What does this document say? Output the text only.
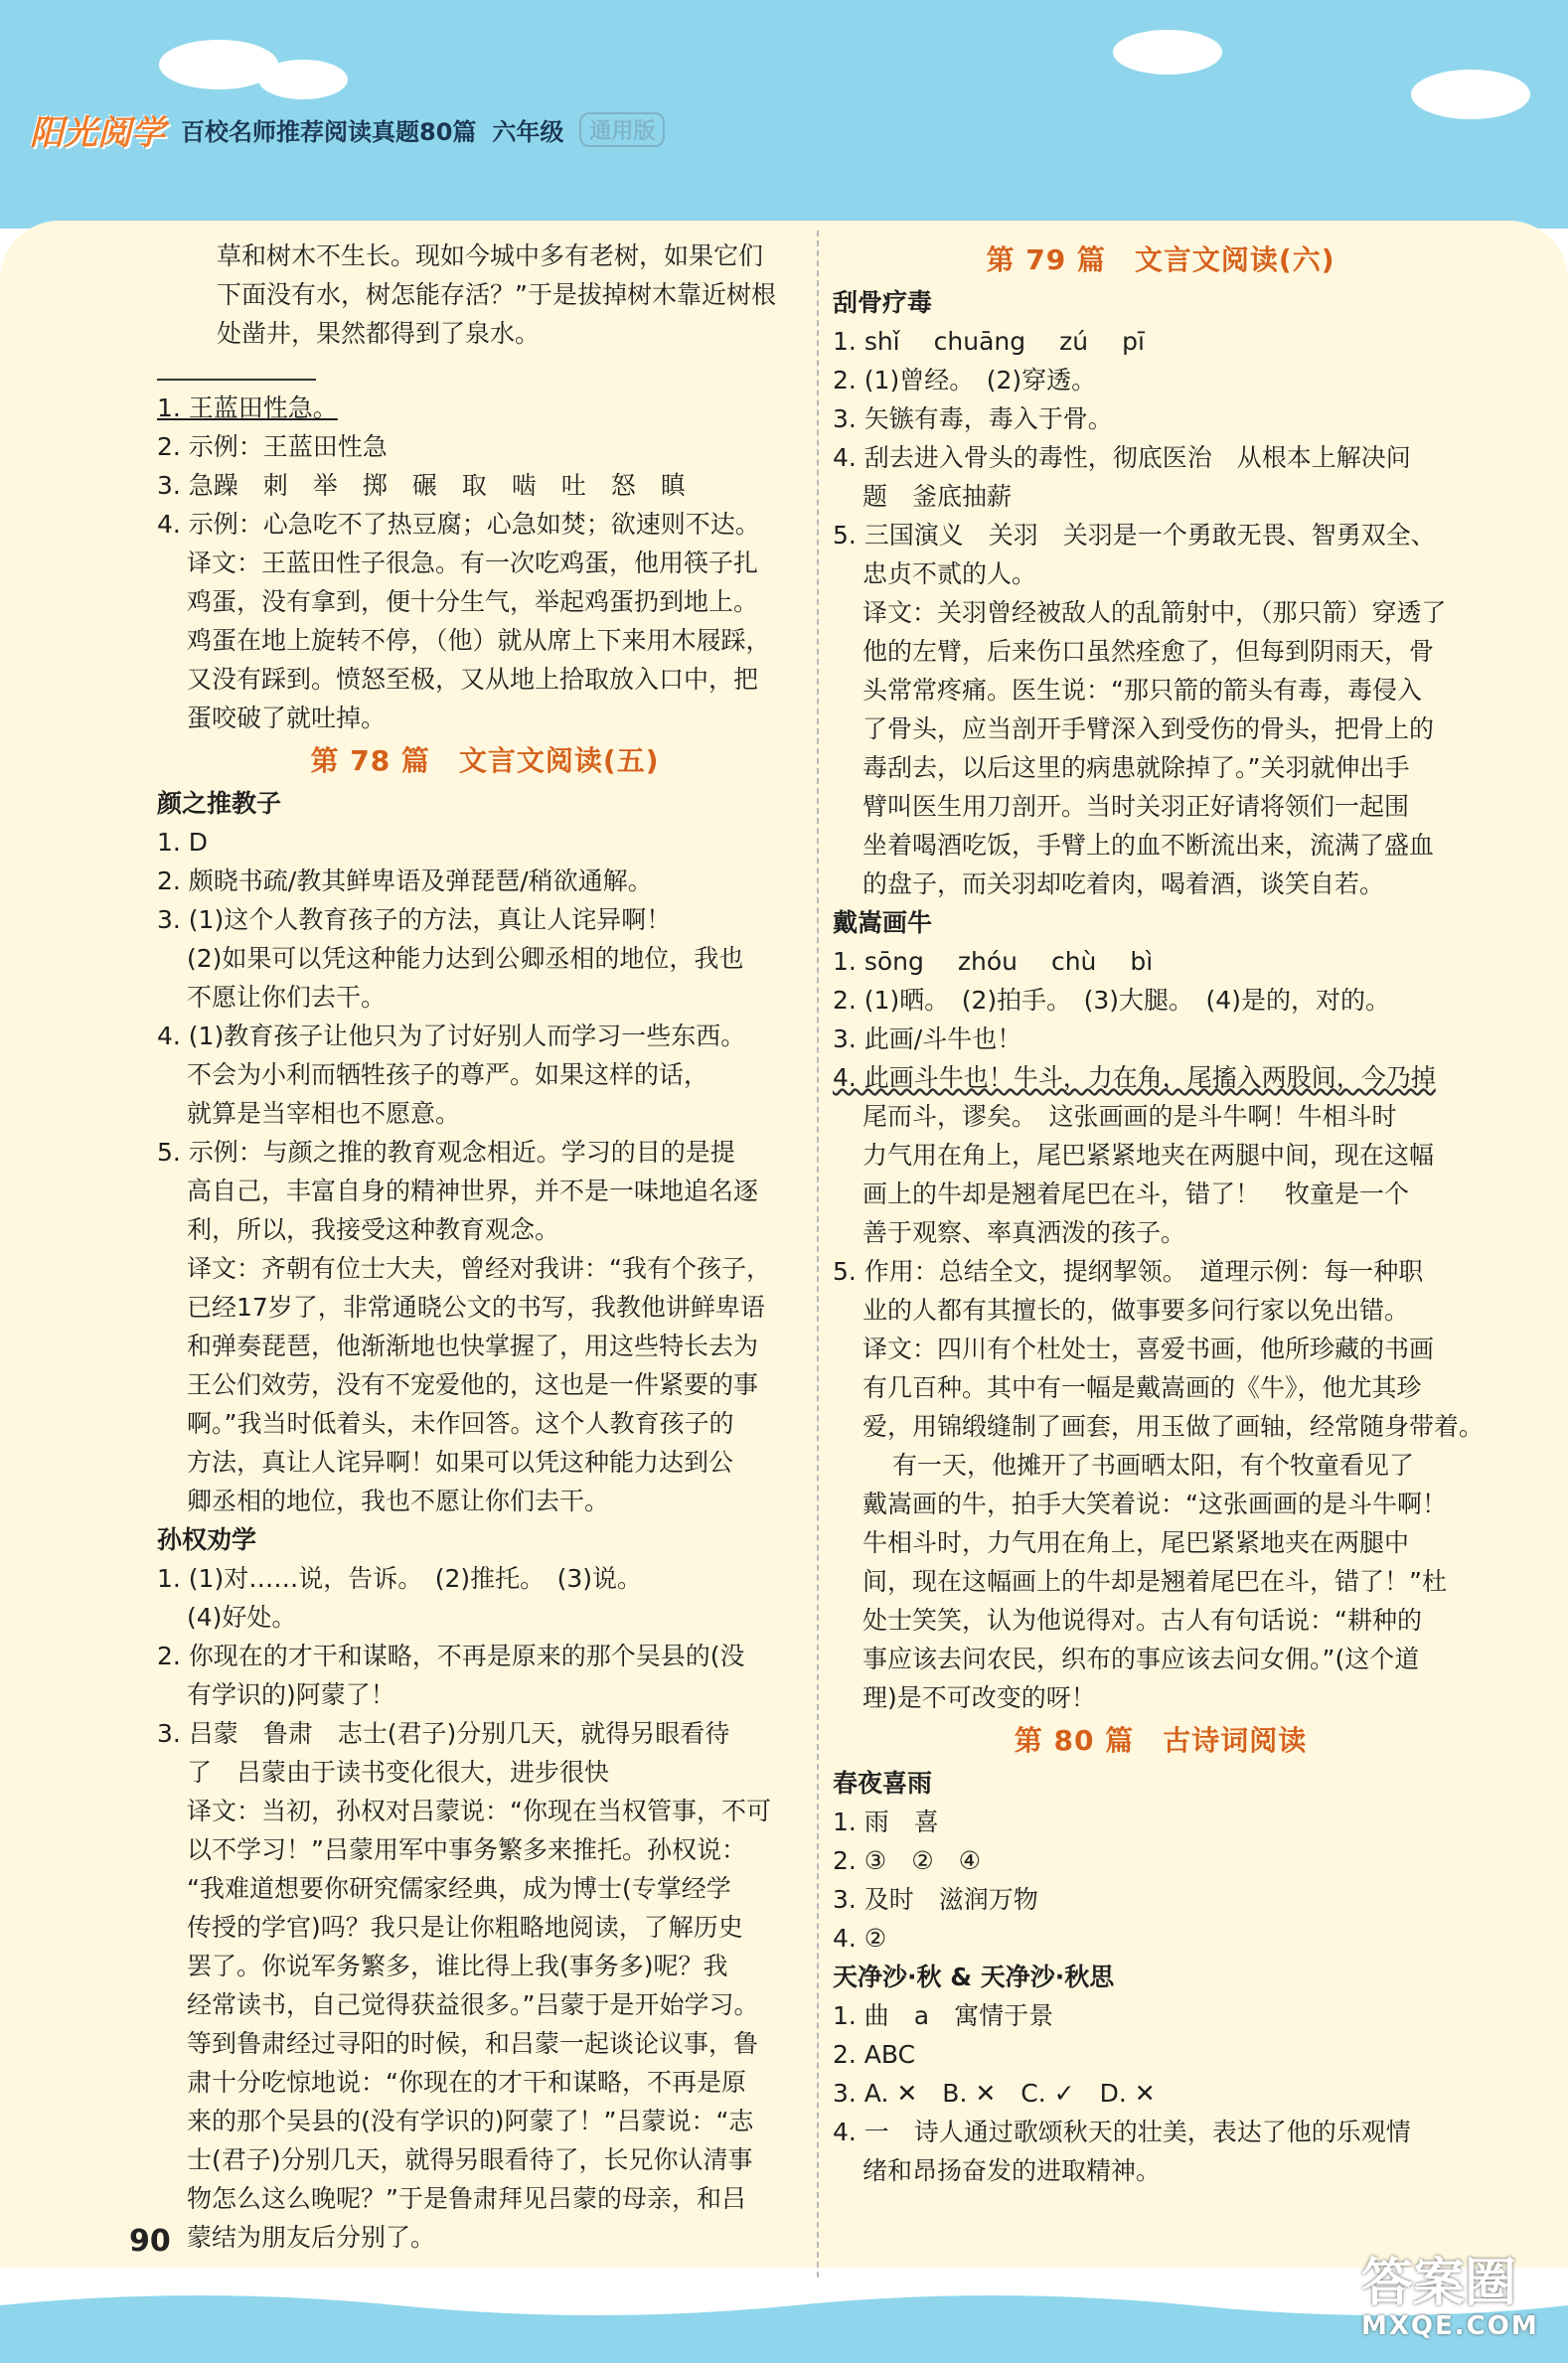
阳光阅学 百校名师推荐阅读真题80篇 六年级	通用版
草和树木不生长。现如今城中多有老树，如果它们
下面没有水，树怎能存活？”于是拔掉树木靠近树根
处凿井，果然都得到了泉水。
1. 王蓝田性急。
2. 示例：王蓝田性急
3. 急躁　刺　举　掷　碾　取　啮　吐　怒　瞋
4. 示例：心急吃不了热豆腐；心急如焚；欲速则不达。
译文：王蓝田性子很急。有一次吃鸡蛋，他用筷子扎
鸡蛋，没有拿到，便十分生气，举起鸡蛋扔到地上。
鸡蛋在地上旋转不停，（他）就从席上下来用木屐踩，
又没有踩到。愤怒至极，又从地上拾取放入口中，把
蛋咬破了就吐掉。
第 78 篇　文言文阅读(五)
颜之推教子
1. D
2. 颇晓书疏/教其鲜卑语及弹琵琶/稍欲通解。
3. (1)这个人教育孩子的方法，真让人诧异啊！
(2)如果可以凭这种能力达到公卿丞相的地位，我也
不愿让你们去干。
4. (1)教育孩子让他只为了讨好别人而学习一些东西。
不会为小利而牺牲孩子的尊严。如果这样的话，
就算是当宰相也不愿意。
5. 示例：与颜之推的教育观念相近。学习的目的是提
高自己，丰富自身的精神世界，并不是一味地追名逐
利，所以，我接受这种教育观念。
译文：齐朝有位士大夫，曾经对我讲：“我有个孩子，
已经17岁了，非常通晓公文的书写，我教他讲鲜卑语
和弹奏琵琶，他渐渐地也快掌握了，用这些特长去为
王公们效劳，没有不宠爱他的，这也是一件紧要的事
啊。”我当时低着头，未作回答。这个人教育孩子的
方法，真让人诧异啊！如果可以凭这种能力达到公
卿丞相的地位，我也不愿让你们去干。
孙权劝学
1. (1)对……说，告诉。　(2)推托。　(3)说。
(4)好处。
2. 你现在的才干和谋略，不再是原来的那个吴县的(没
有学识的)阿蒙了！
3. 吕蒙　鲁肃　志士(君子)分别几天，就得另眼看待
了　吕蒙由于读书变化很大，进步很快
译文：当初，孙权对吕蒙说：“你现在当权管事，不可
以不学习！”吕蒙用军中事务繁多来推托。孙权说：
“我难道想要你研究儒家经典，成为博士(专掌经学
传授的学官)吗？我只是让你粗略地阅读，了解历史
罢了。你说军务繁多，谁比得上我(事务多)呢？我
经常读书，自己觉得获益很多。”吕蒙于是开始学习。
等到鲁肃经过寻阳的时候，和吕蒙一起谈论议事，鲁
肃十分吃惊地说：“你现在的才干和谋略，不再是原
来的那个吴县的(没有学识的)阿蒙了！”吕蒙说：“志
士(君子)分别几天，就得另眼看待了，长兄你认清事
物怎么这么晚呢？”于是鲁肃拜见吕蒙的母亲，和吕
蒙结为朋友后分别了。
第 79 篇　文言文阅读(六)
刮骨疗毒
1. shǐ chuāng zú pī
2. (1)曾经。　(2)穿透。
3. 矢镞有毒，毒入于骨。
4. 刮去进入骨头的毒性，彻底医治　从根本上解决问
题　釜底抽薪
5. 三国演义　关羽　关羽是一个勇敢无畏、智勇双全、
忠贞不贰的人。
译文：关羽曾经被敌人的乱箭射中，（那只箭）穿透了
他的左臂，后来伤口虽然痊愈了，但每到阴雨天，骨
头常常疼痛。医生说：“那只箭的箭头有毒，毒侵入
了骨头，应当剖开手臂深入到受伤的骨头，把骨上的
毒刮去，以后这里的病患就除掉了。”关羽就伸出手
臂叫医生用刀剖开。当时关羽正好请将领们一起围
坐着喝酒吃饭，手臂上的血不断流出来，流满了盛血
的盘子，而关羽却吃着肉，喝着酒，谈笑自若。
戴嵩画牛
1. sōng zhóu chù bì
2. (1)晒。　(2)拍手。　(3)大腿。　(4)是的，对的。
3. 此画/斗牛也！
4. 此画斗牛也！牛斗，力在角，尾搐入两股间，今乃掉
尾而斗，谬矣。　这张画画的是斗牛啊！牛相斗时
力气用在角上，尾巴紧紧地夹在两腿中间，现在这幅
画上的牛却是翘着尾巴在斗，错了！　牧童是一个
善于观察、率真洒泼的孩子。
5. 作用：总结全文，提纲挈领。　道理示例：每一种职
业的人都有其擅长的，做事要多问行家以免出错。
译文：四川有个杜处士，喜爱书画，他所珍藏的书画
有几百种。其中有一幅是戴嵩画的《牛》，他尤其珍
爱，用锦缎缝制了画套，用玉做了画轴，经常随身带着。
有一天，他摊开了书画晒太阳，有个牧童看见了
戴嵩画的牛，拍手大笑着说：“这张画画的是斗牛啊！
牛相斗时，力气用在角上，尾巴紧紧地夹在两腿中
间，现在这幅画上的牛却是翘着尾巴在斗，错了！”杜
处士笑笑，认为他说得对。古人有句话说：“耕种的
事应该去问农民，织布的事应该去问女佣。”(这个道
理)是不可改变的呀！
第 80 篇　古诗词阅读
春夜喜雨
1. 雨　喜
2. ③　②　④
3. 及时　滋润万物
4. ②
天净沙·秋 & 天净沙·秋思
1. 曲　a　寓情于景
2. ABC
3. A. ✕　B. ✕　C. ✓　D. ✕
4. 一　诗人通过歌颂秋天的壮美，表达了他的乐观情
绪和昂扬奋发的进取精神。
90
答案圈
MXQE.COM
